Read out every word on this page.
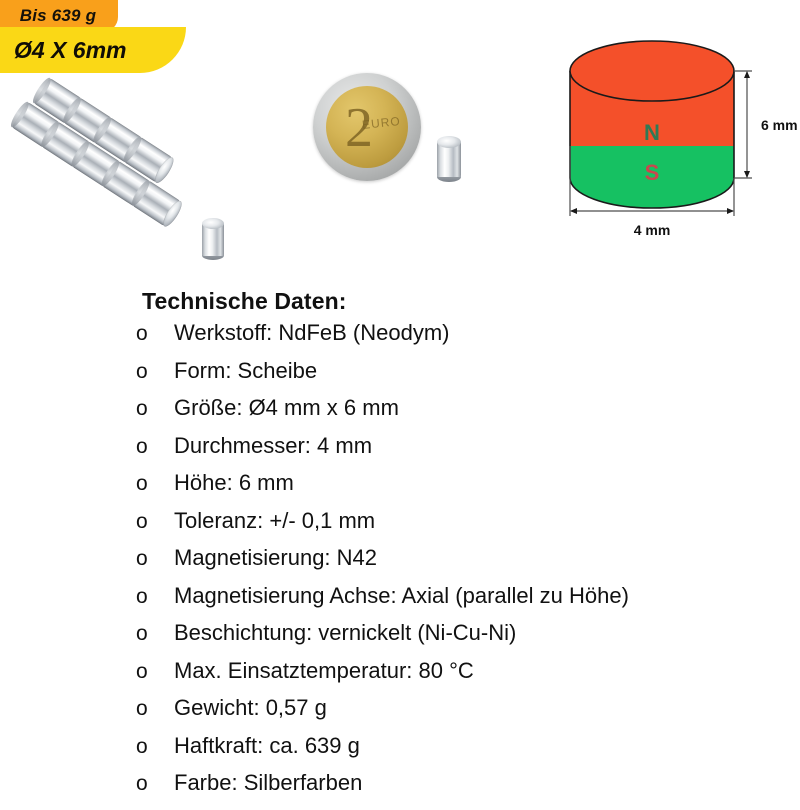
Bis 639 g
Ø4 X 6mm
2
EURO	N
S
6 mm
4 mm
Technische Daten:
o	Werkstoff: NdFeB (Neodym)
o	Form: Scheibe
o	Größe: Ø4 mm x 6 mm
o	Durchmesser: 4 mm
o	Höhe: 6 mm
o	Toleranz: +/- 0,1 mm
o	Magnetisierung: N42
o	Magnetisierung Achse: Axial (parallel zu Höhe)
o	Beschichtung: vernickelt (Ni-Cu-Ni)
o	Max. Einsatztemperatur: 80 °C
o	Gewicht: 0,57 g
o	Haftkraft: ca. 639 g
o	Farbe: Silberfarben
